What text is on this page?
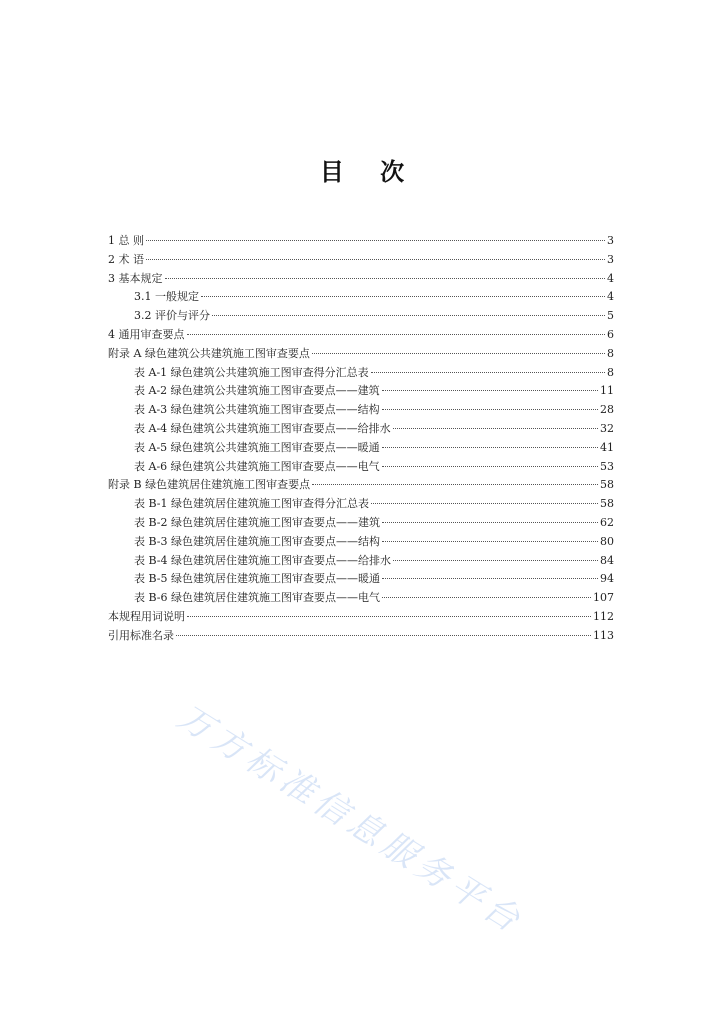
目 次
1 总 则	3
2 术 语	3
3 基本规定	4
3.1 一般规定	4
3.2 评价与评分	5
4 通用审查要点	6
附录 A 绿色建筑公共建筑施工图审查要点	8
表 A-1 绿色建筑公共建筑施工图审查得分汇总表	8
表 A-2 绿色建筑公共建筑施工图审查要点——建筑	11
表 A-3 绿色建筑公共建筑施工图审查要点——结构	28
表 A-4 绿色建筑公共建筑施工图审查要点——给排水	32
表 A-5 绿色建筑公共建筑施工图审查要点——暖通	41
表 A-6 绿色建筑公共建筑施工图审查要点——电气	53
附录 B 绿色建筑居住建筑施工图审查要点	58
表 B-1 绿色建筑居住建筑施工图审查得分汇总表	58
表 B-2 绿色建筑居住建筑施工图审查要点——建筑	62
表 B-3 绿色建筑居住建筑施工图审查要点——结构	80
表 B-4 绿色建筑居住建筑施工图审查要点——给排水	84
表 B-5 绿色建筑居住建筑施工图审查要点——暖通	94
表 B-6 绿色建筑居住建筑施工图审查要点——电气	107
本规程用词说明	112
引用标准名录	113
万方标准信息服务平台
